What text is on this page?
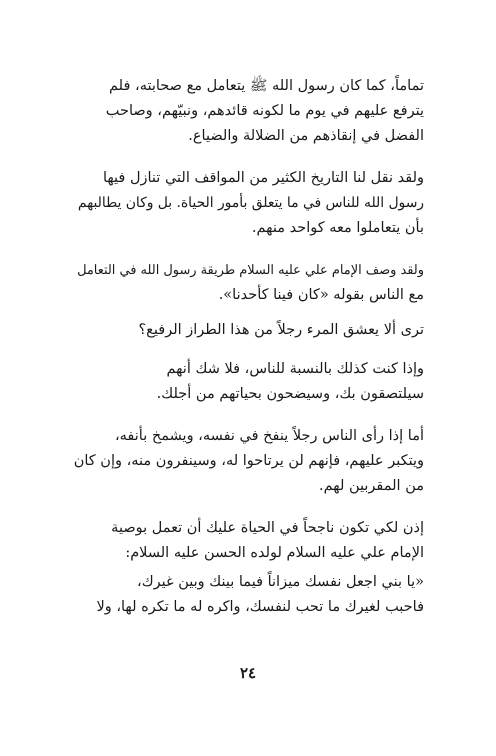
تماماً، كما كان رسول الله ﷺ يتعامل مع صحابته، فلم
يترفع عليهم في يوم ما لكونه قائدهم، ونبيّهم، وصاحب
الفضل في إنقاذهم من الضلالة والضياع.

ولقد نقل لنا التاريخ الكثير من المواقف التي تنازل فيها
رسول الله للناس في ما يتعلق بأمور الحياة. بل وكان يطالبهم
بأن يتعاملوا معه كواحد منهم.

ولقد وصف الإمام علي عليه السلام طريقة رسول الله في التعامل
مع الناس بقوله «كان فينا كأحدنا».

ترى ألا يعشق المرء رجلاً من هذا الطراز الرفيع؟

وإذا كنت كذلك بالنسبة للناس، فلا شك أنهم
سيلتصقون بك، وسيضحون بحياتهم من أجلك.

أما إذا رأى الناس رجلاً ينفخ في نفسه، ويشمخ بأنفه،
ويتكبر عليهم، فإنهم لن يرتاحوا له، وسينفرون منه، وإن كان
من المقربين لهم.

إذن لكي تكون ناجحاً في الحياة عليك أن تعمل بوصية
الإمام علي عليه السلام لولده الحسن عليه السلام:

«يا بني اجعل نفسك ميزاناً فيما بينك وبين غيرك،
فاحبب لغيرك ما تحب لنفسك، واكره له ما تكره لها، ولا

٢٤
